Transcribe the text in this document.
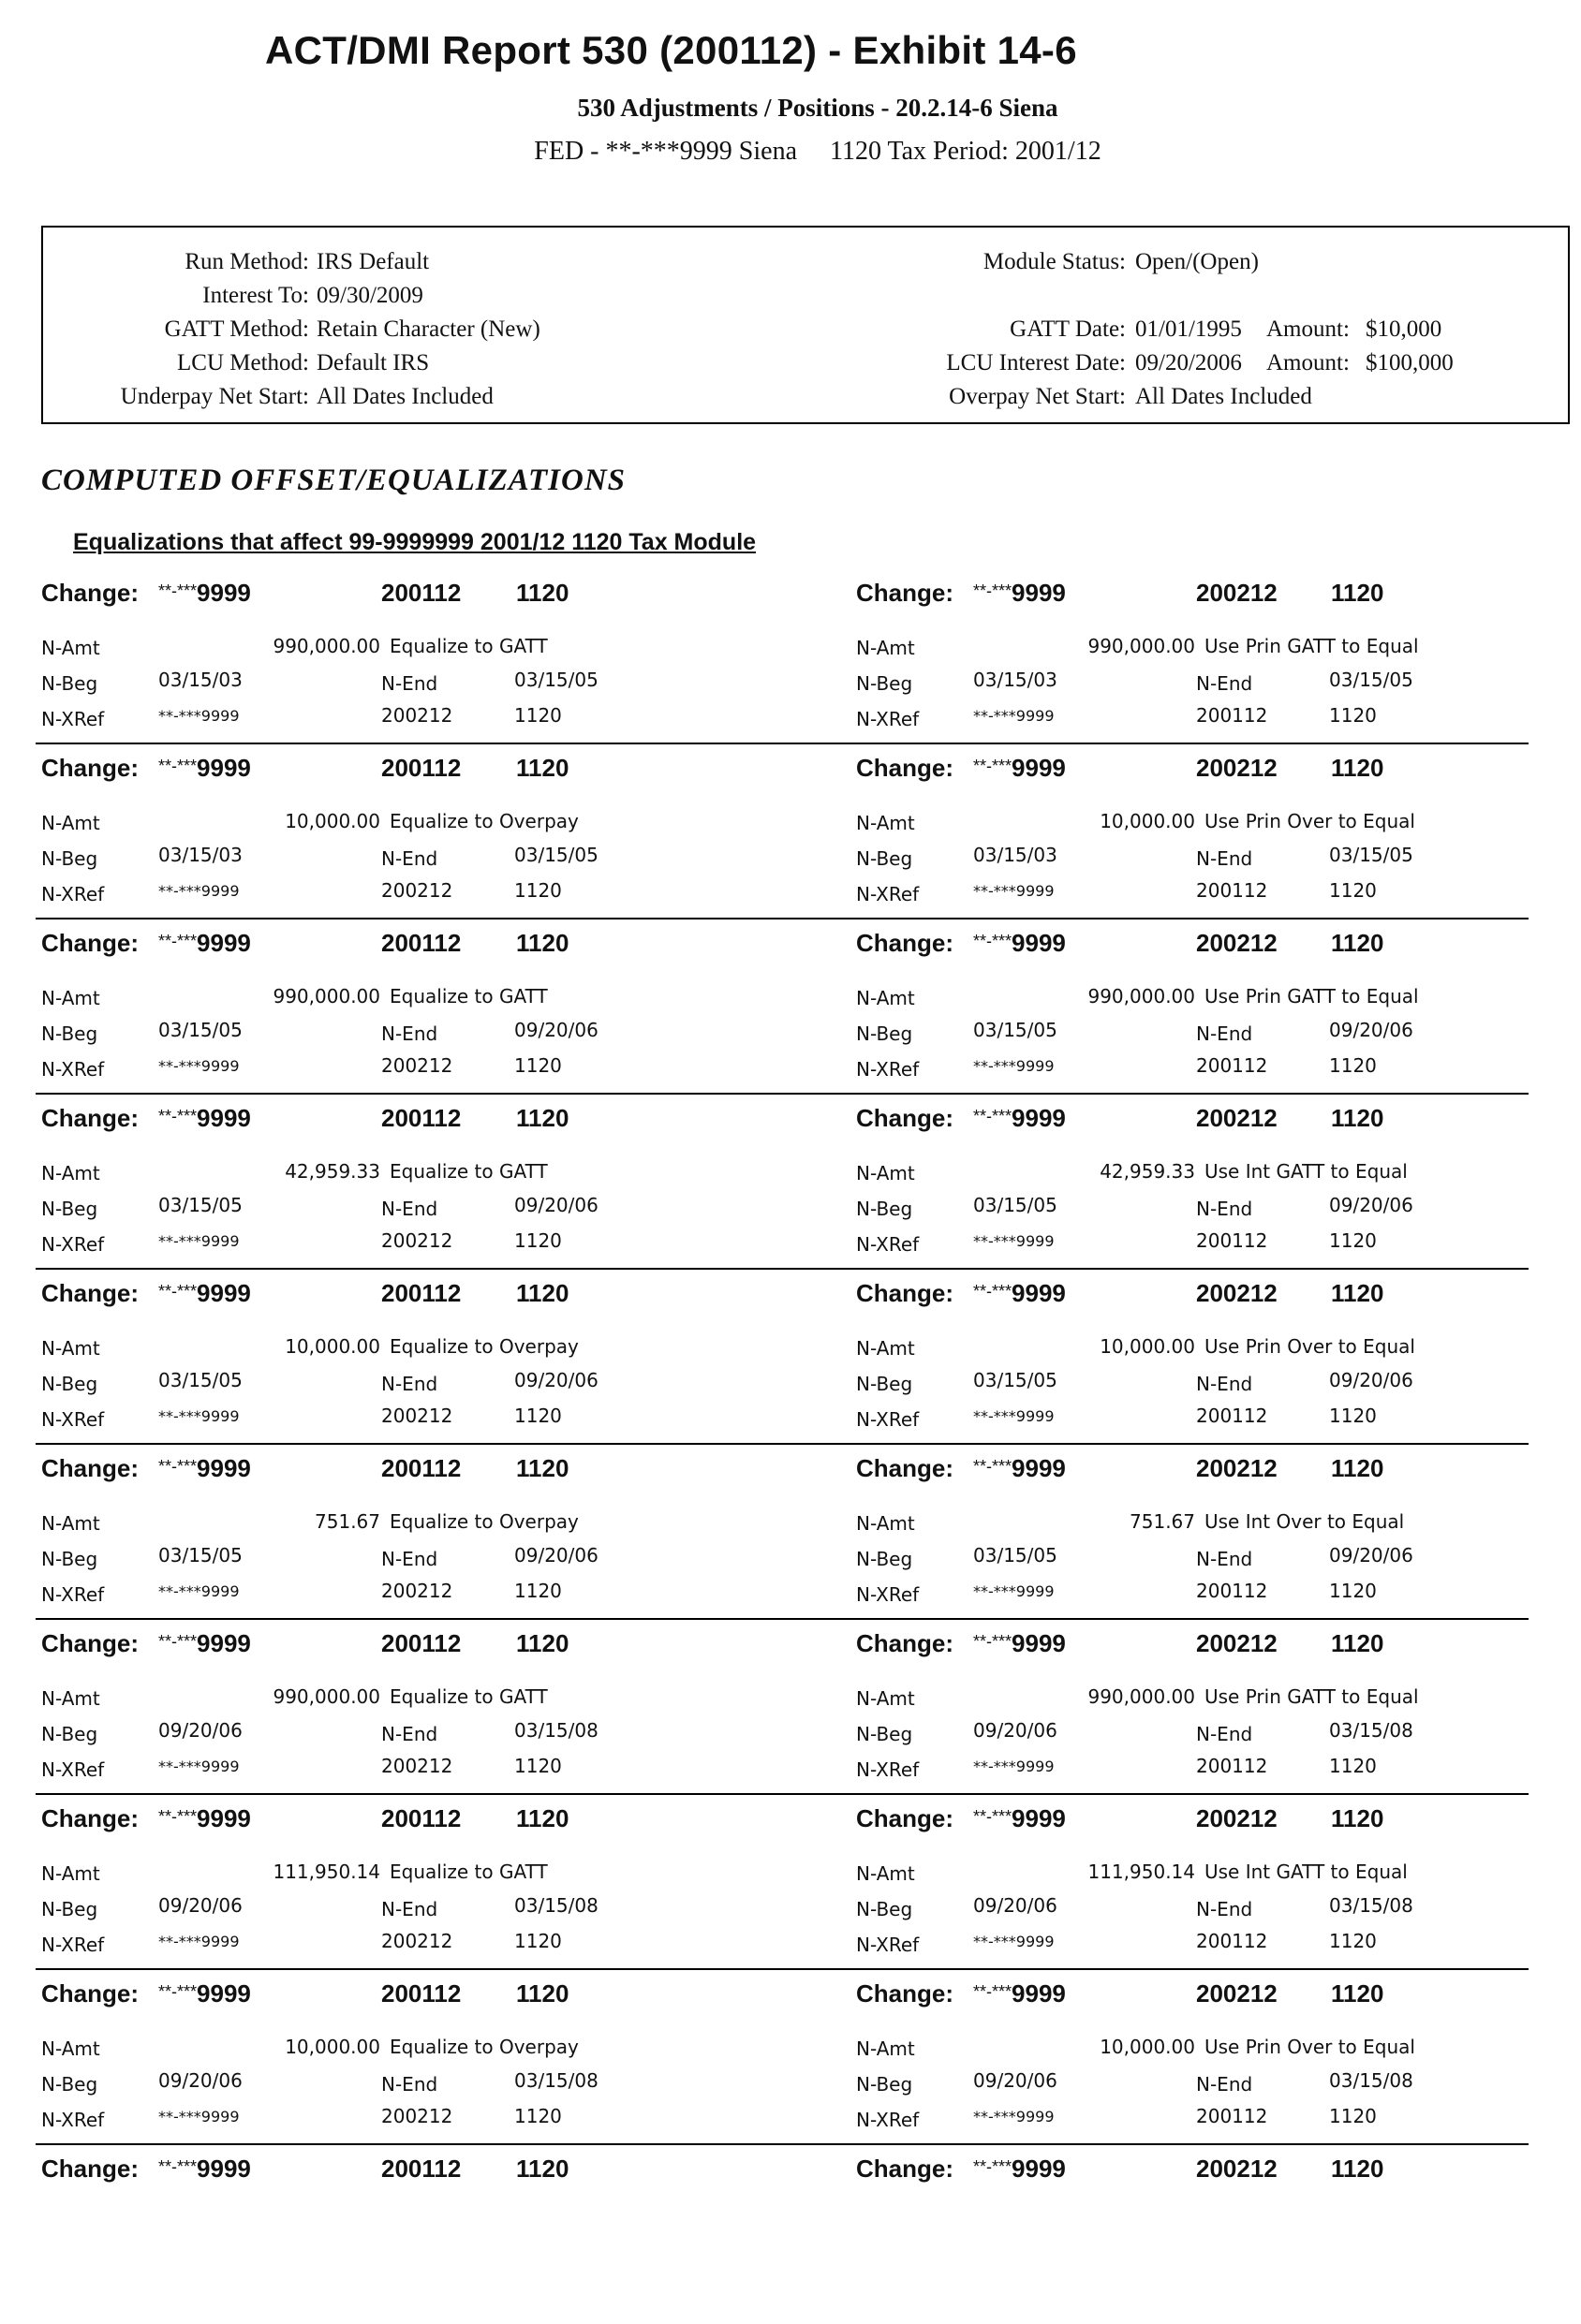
ACT/DMI Report 530 (200112) - Exhibit 14-6
530 Adjustments / Positions - 20.2.14-6 Siena
FED - **-***9999 Siena     1120 Tax Period: 2001/12
Run Method: IRS Default
Interest To: 09/30/2009
GATT Method: Retain Character (New)
LCU Method: Default IRS
Underpay Net Start: All Dates Included
Module Status: Open/(Open)
GATT Date: 01/01/1995 Amount: $10,000
LCU Interest Date: 09/20/2006 Amount: $100,000
Overpay Net Start: All Dates Included
COMPUTED OFFSET/EQUALIZATIONS
Equalizations that affect 99-9999999 2001/12 1120 Tax Module
Change: **-***9999	200112 1120
N-Amt	990,000.00 Equalize to GATT
N-Beg	03/15/03	N-End	03/15/05
N-XRef	**-***9999	200212	1120
Change: **-***9999	200212 1120
N-Amt	990,000.00 Use Prin GATT to Equal
N-Beg	03/15/03	N-End	03/15/05
N-XRef	**-***9999	200112	1120
Change: **-***9999	200112 1120
N-Amt	10,000.00 Equalize to Overpay
N-Beg	03/15/03	N-End	03/15/05
N-XRef	**-***9999	200212	1120
Change: **-***9999	200212 1120
N-Amt	10,000.00 Use Prin Over to Equal
N-Beg	03/15/03	N-End	03/15/05
N-XRef	**-***9999	200112	1120
Change: **-***9999	200112 1120
N-Amt	990,000.00 Equalize to GATT
N-Beg	03/15/05	N-End	09/20/06
N-XRef	**-***9999	200212	1120
Change: **-***9999	200212 1120
N-Amt	990,000.00 Use Prin GATT to Equal
N-Beg	03/15/05	N-End	09/20/06
N-XRef	**-***9999	200112	1120
Change: **-***9999	200112 1120
N-Amt	42,959.33 Equalize to GATT
N-Beg	03/15/05	N-End	09/20/06
N-XRef	**-***9999	200212	1120
Change: **-***9999	200212 1120
N-Amt	42,959.33 Use Int GATT to Equal
N-Beg	03/15/05	N-End	09/20/06
N-XRef	**-***9999	200112	1120
Change: **-***9999	200112 1120
N-Amt	10,000.00 Equalize to Overpay
N-Beg	03/15/05	N-End	09/20/06
N-XRef	**-***9999	200212	1120
Change: **-***9999	200212 1120
N-Amt	10,000.00 Use Prin Over to Equal
N-Beg	03/15/05	N-End	09/20/06
N-XRef	**-***9999	200112	1120
Change: **-***9999	200112 1120
N-Amt	751.67 Equalize to Overpay
N-Beg	03/15/05	N-End	09/20/06
N-XRef	**-***9999	200212	1120
Change: **-***9999	200212 1120
N-Amt	751.67 Use Int Over to Equal
N-Beg	03/15/05	N-End	09/20/06
N-XRef	**-***9999	200112	1120
Change: **-***9999	200112 1120
N-Amt	990,000.00 Equalize to GATT
N-Beg	09/20/06	N-End	03/15/08
N-XRef	**-***9999	200212	1120
Change: **-***9999	200212 1120
N-Amt	990,000.00 Use Prin GATT to Equal
N-Beg	09/20/06	N-End	03/15/08
N-XRef	**-***9999	200112	1120
Change: **-***9999	200112 1120
N-Amt	111,950.14 Equalize to GATT
N-Beg	09/20/06	N-End	03/15/08
N-XRef	**-***9999	200212	1120
Change: **-***9999	200212 1120
N-Amt	111,950.14 Use Int GATT to Equal
N-Beg	09/20/06	N-End	03/15/08
N-XRef	**-***9999	200112	1120
Change: **-***9999	200112 1120
N-Amt	10,000.00 Equalize to Overpay
N-Beg	09/20/06	N-End	03/15/08
N-XRef	**-***9999	200212	1120
Change: **-***9999	200212 1120
N-Amt	10,000.00 Use Prin Over to Equal
N-Beg	09/20/06	N-End	03/15/08
N-XRef	**-***9999	200112	1120
Change: **-***9999	200112 1120	Change: **-***9999	200212 1120
